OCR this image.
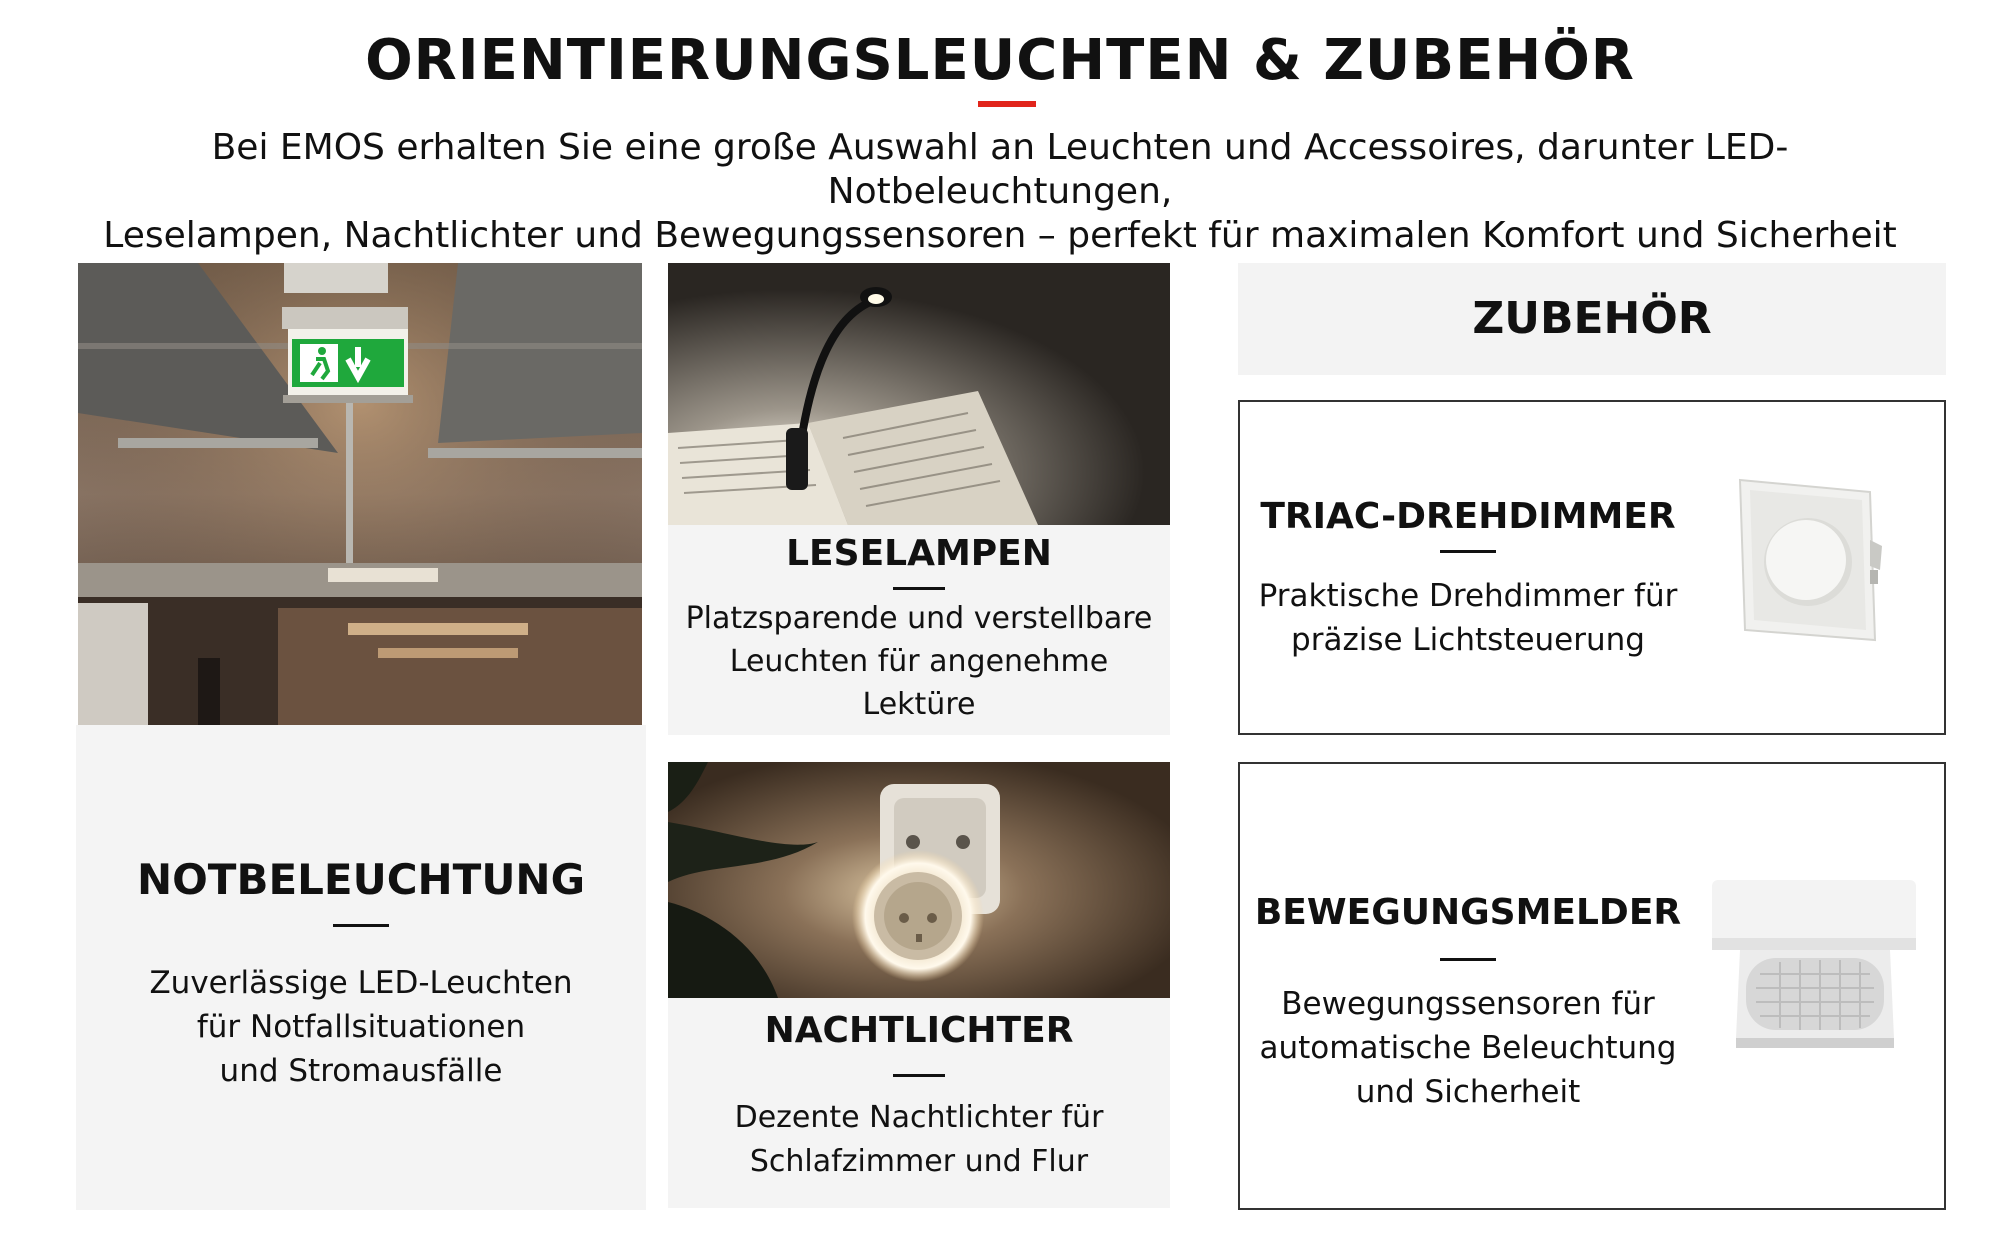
ORIENTIERUNGSLEUCHTEN & ZUBEHÖR
Bei EMOS erhalten Sie eine große Auswahl an Leuchten und Accessoires, darunter LED-Notbeleuchtungen,
Leselampen, Nachtlichter und Bewegungssensoren – perfekt für maximalen Komfort und Sicherheit
NOTBELEUCHTUNG
Zuverlässige LED-Leuchten
für Notfallsituationen
und Stromausfälle
LESELAMPEN
Platzsparende und verstellbare
Leuchten für angenehme
Lektüre
NACHTLICHTER
Dezente Nachtlichter für
Schlafzimmer und Flur
ZUBEHÖR
TRIAC-DREHDIMMER
Praktische Drehdimmer für
präzise Lichtsteuerung
BEWEGUNGSMELDER
Bewegungssensoren für
automatische Beleuchtung
und Sicherheit
